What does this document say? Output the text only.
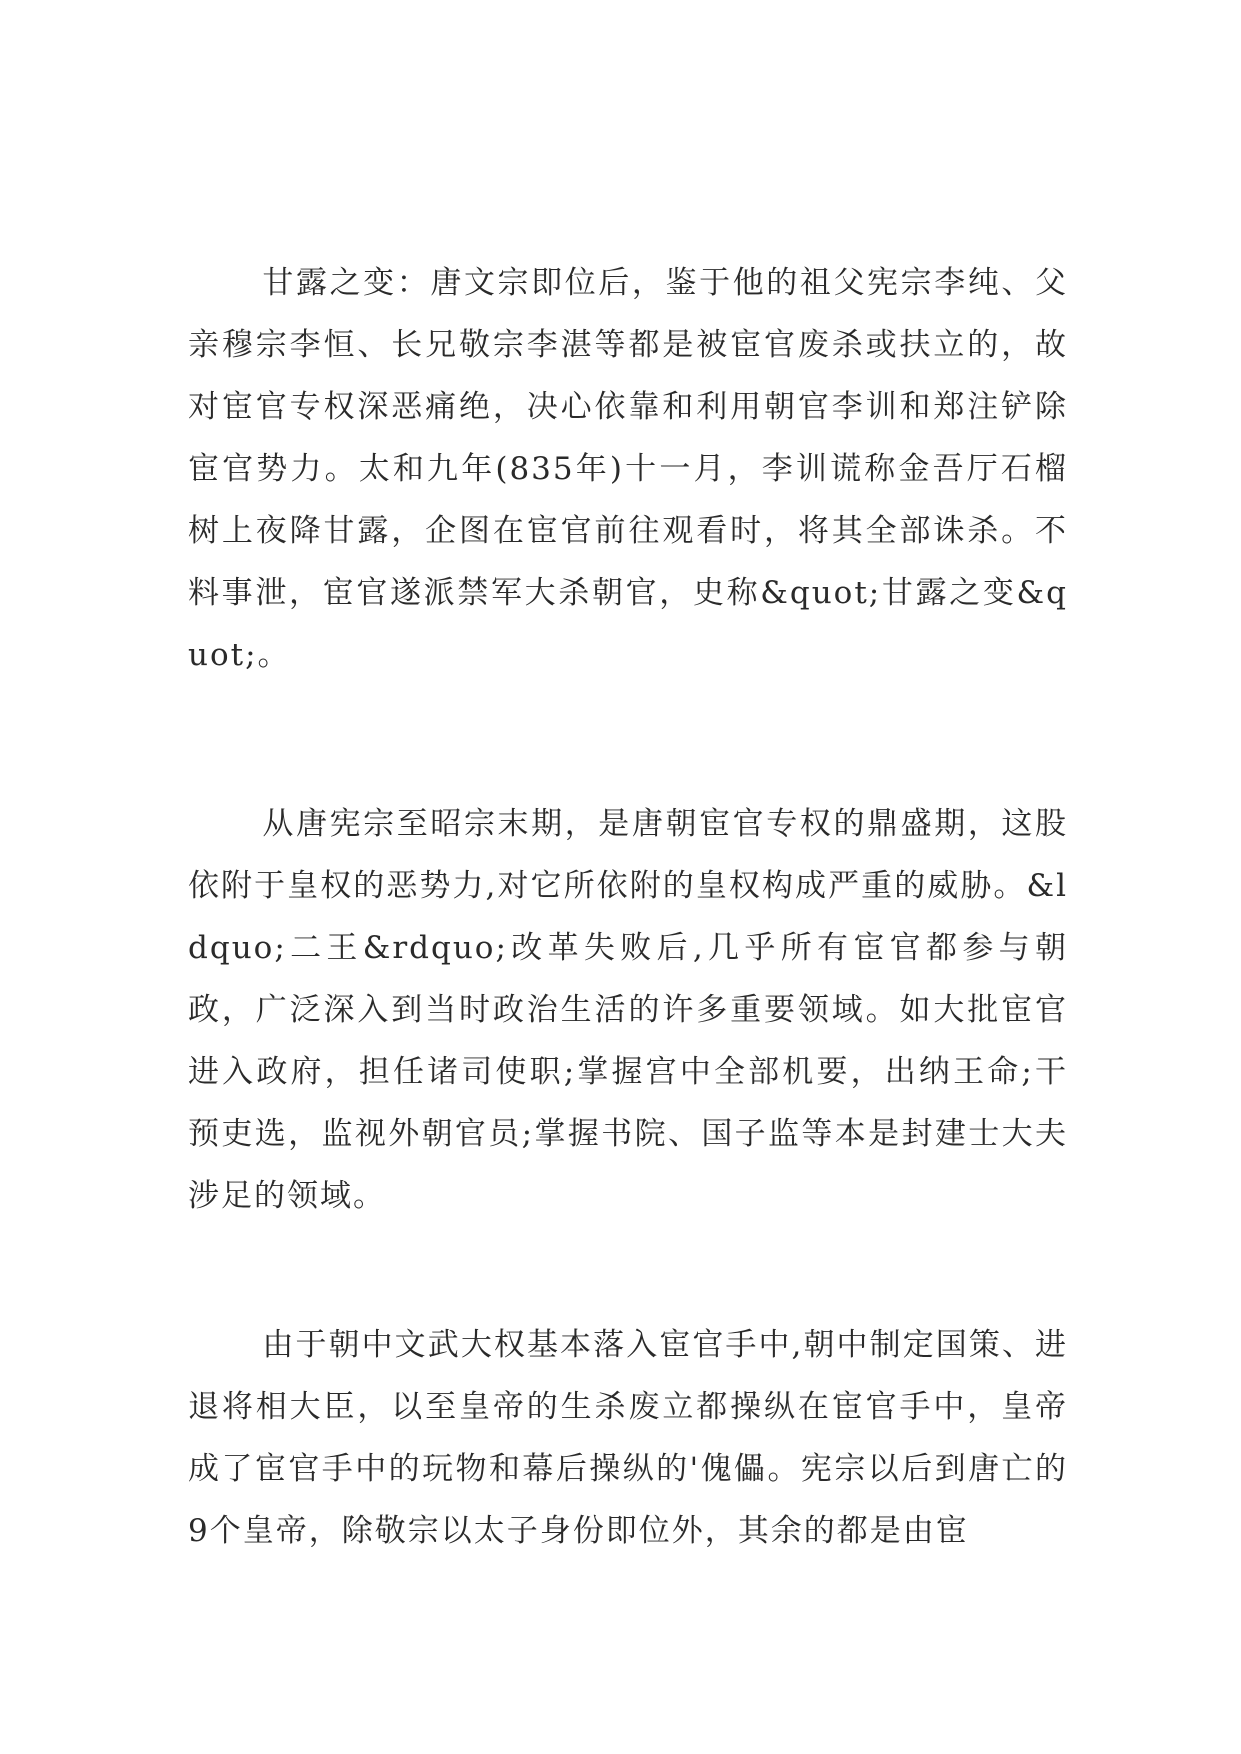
甘露之变：唐文宗即位后，鉴于他的祖父宪宗李纯、父亲穆宗李恒、长兄敬宗李湛等都是被宦官废杀或扶立的，故对宦官专权深恶痛绝，决心依靠和利用朝官李训和郑注铲除宦官势力。太和九年(835年)十一月，李训谎称金吾厅石榴树上夜降甘露，企图在宦官前往观看时，将其全部诛杀。不料事泄，宦官遂派禁军大杀朝官，史称&quot;甘露之变&quot;。

从唐宪宗至昭宗末期，是唐朝宦官专权的鼎盛期，这股依附于皇权的恶势力,对它所依附的皇权构成严重的威胁。&ldquo;二王&rdquo;改革失败后,几乎所有宦官都参与朝政，广泛深入到当时政治生活的许多重要领域。如大批宦官进入政府，担任诸司使职;掌握宫中全部机要，出纳王命;干预吏选，监视外朝官员;掌握书院、国子监等本是封建士大夫涉足的领域。

由于朝中文武大权基本落入宦官手中,朝中制定国策、进退将相大臣，以至皇帝的生杀废立都操纵在宦官手中，皇帝成了宦官手中的玩物和幕后操纵的'傀儡。宪宗以后到唐亡的9个皇帝，除敬宗以太子身份即位外，其余的都是由宦
